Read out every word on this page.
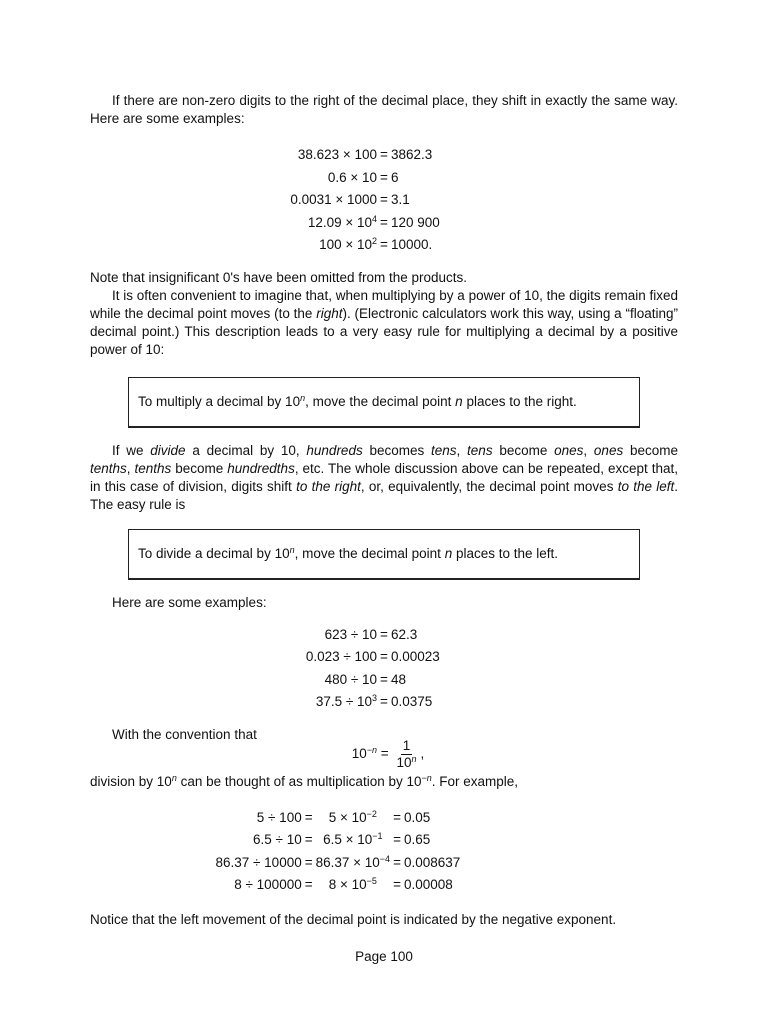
If there are non-zero digits to the right of the decimal place, they shift in exactly the same way. Here are some examples:

38.623 × 100 = 3862.3
0.6 × 10 = 6
0.0031 × 1000 = 3.1
$12.09 \times 10^4 = 120$ 900
$100 \times 10^2 = 10000$.

Note that insignificant 0's have been omitted from the products.

It is often convenient to imagine that, when multiplying by a power of 10, the digits remain fixed while the decimal point moves (to the right). (Electronic calculators work this way, using a “floating” decimal point.) This description leads to a very easy rule for multiplying a decimal by a positive power of 10:

To multiply a decimal by 10$^n$, move the decimal point n places to the right.

If we divide a decimal by 10, hundreds becomes tens, tens become ones, ones become tenths, tenths become hundredths, etc. The whole discussion above can be repeated, except that, in this case of division, digits shift to the right, or, equivalently, the decimal point moves to the left. The easy rule is

To divide a decimal by 10$^n$, move the decimal point n places to the left.

Here are some examples:

623 ÷ 10 = 62.3
0.023 ÷ 100 = 0.00023
480 ÷ 10 = 48
$37.5 \div 10^3 = 0.0375$

With the convention that

$10^{-n} = \frac{1}{10^n}$ ,

division by 10$^n$ can be thought of as multiplication by $10^{-n}$. For example,

5 ÷ 100 =	$5 \times 10^{-2}$	= 0.05
$6.5 \div 10 = 6.5 \times 10^{-1} = 0.65$
$86.37 \div 10000 = 86.37 \times 10^{-4} = 0.008637$
8 ÷ 100000 =	$8 \times 10^{-5}$	= 0.00008

Notice that the left movement of the decimal point is indicated by the negative exponent.

Page 100
